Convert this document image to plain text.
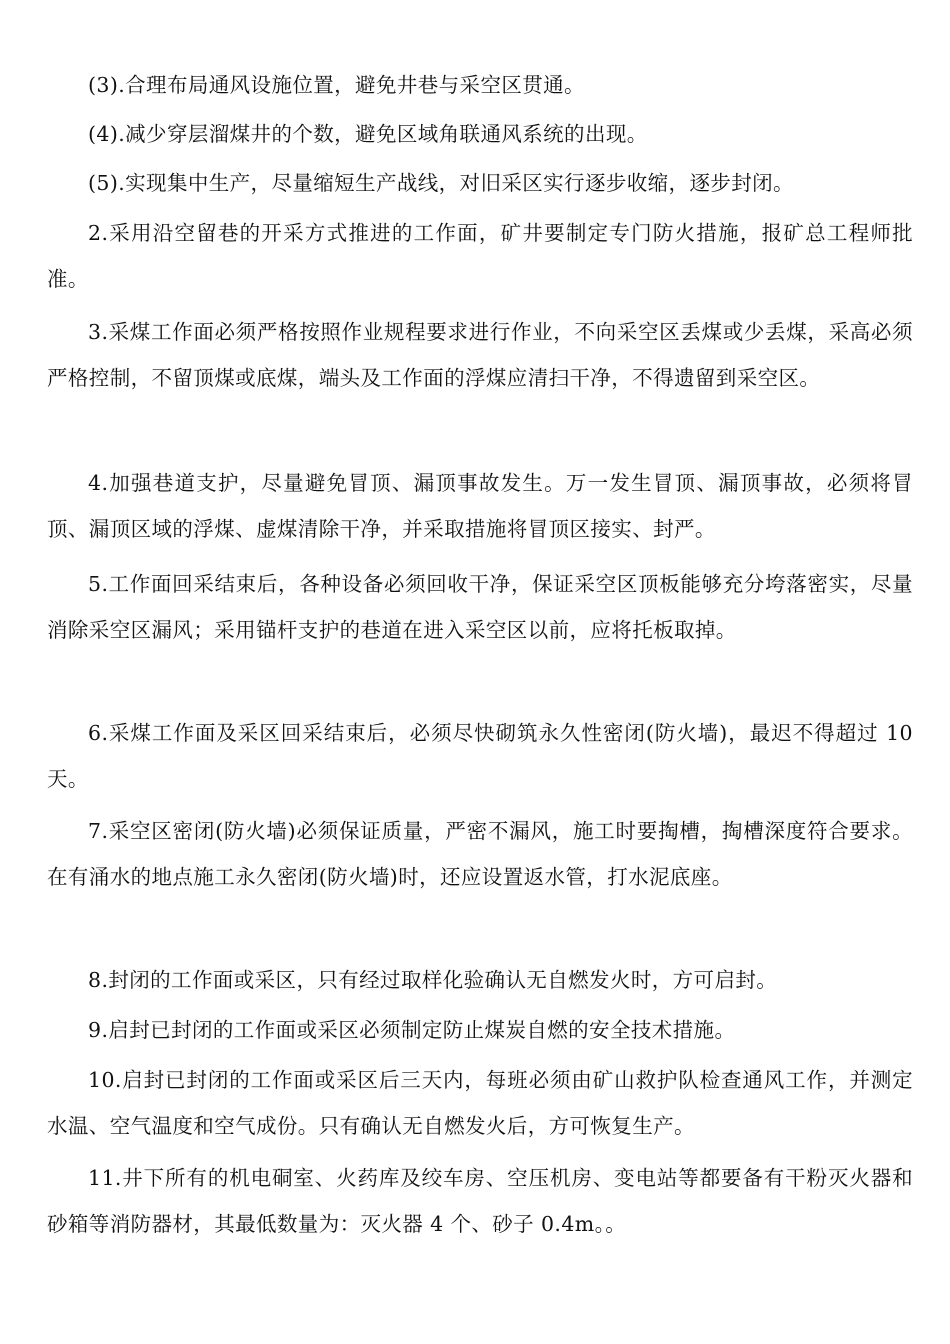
(3).合理布局通风设施位置，避免井巷与采空区贯通。

(4).减少穿层溜煤井的个数，避免区域角联通风系统的出现。

(5).实现集中生产，尽量缩短生产战线，对旧采区实行逐步收缩，逐步封闭。

2.采用沿空留巷的开采方式推进的工作面，矿井要制定专门防火措施，报矿总工程师批准。

3.采煤工作面必须严格按照作业规程要求进行作业，不向采空区丢煤或少丢煤，采高必须严格控制，不留顶煤或底煤，端头及工作面的浮煤应清扫干净，不得遗留到采空区。

4.加强巷道支护，尽量避免冒顶、漏顶事故发生。万一发生冒顶、漏顶事故，必须将冒顶、漏顶区域的浮煤、虚煤清除干净，并采取措施将冒顶区接实、封严。

5.工作面回采结束后，各种设备必须回收干净，保证采空区顶板能够充分垮落密实，尽量消除采空区漏风；采用锚杆支护的巷道在进入采空区以前，应将托板取掉。

6.采煤工作面及采区回采结束后，必须尽快砌筑永久性密闭(防火墙)，最迟不得超过 10 天。

7.采空区密闭(防火墙)必须保证质量，严密不漏风，施工时要掏槽，掏槽深度符合要求。在有涌水的地点施工永久密闭(防火墙)时，还应设置返水管，打水泥底座。

8.封闭的工作面或采区，只有经过取样化验确认无自燃发火时，方可启封。

9.启封已封闭的工作面或采区必须制定防止煤炭自燃的安全技术措施。

10.启封已封闭的工作面或采区后三天内，每班必须由矿山救护队检查通风工作，并测定水温、空气温度和空气成份。只有确认无自燃发火后，方可恢复生产。

11.井下所有的机电硐室、火药库及绞车房、空压机房、变电站等都要备有干粉灭火器和砂箱等消防器材，其最低数量为：灭火器 4 个、砂子 0.4m。。
